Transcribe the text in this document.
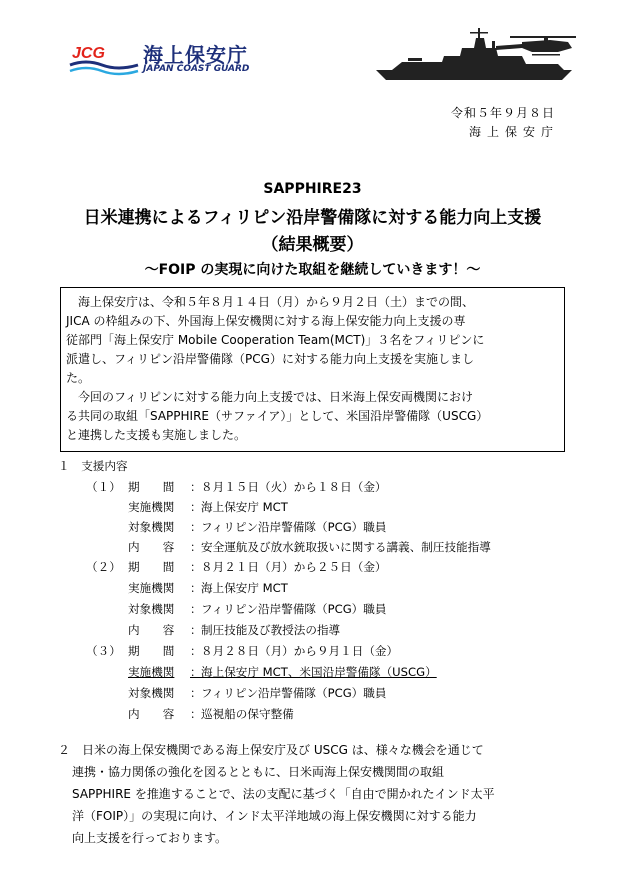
JCG 海上保安庁
JAPAN COAST GUARD
令和５年９月８日
海上保安庁
SAPPHIRE23
日米連携によるフィリピン沿岸警備隊に対する能力向上支援
（結果概要）
～FOIP の実現に向けた取組を継続していきます！～
　海上保安庁は、令和５年８月１４日（月）から９月２日（土）までの間、
JICA の枠組みの下、外国海上保安機関に対する海上保安能力向上支援の専
従部門「海上保安庁 Mobile Cooperation Team(MCT)」３名をフィリピンに
派遣し、フィリピン沿岸警備隊（PCG）に対する能力向上支援を実施しまし
た。
　今回のフィリピンに対する能力向上支援では、日米海上保安両機関におけ
る共同の取組「SAPPHIRE（サファイア）」として、米国沿岸警備隊（USCG）
と連携した支援も実施しました。
１　支援内容
（１） 期　　間 ： ８月１５日（火）から１８日（金）
実施機関 ： 海上保安庁 MCT
対象機関 ： フィリピン沿岸警備隊（PCG）職員
内　　容 ： 安全運航及び放水銃取扱いに関する講義、制圧技能指導
（２） 期　　間 ： ８月２１日（月）から２５日（金）
実施機関 ： 海上保安庁 MCT
対象機関 ： フィリピン沿岸警備隊（PCG）職員
内　　容 ： 制圧技能及び教授法の指導
（３） 期　　間 ： ８月２８日（月）から９月１日（金）
実施機関 ： 海上保安庁 MCT、米国沿岸警備隊（USCG）
対象機関 ： フィリピン沿岸警備隊（PCG）職員
内　　容 ： 巡視船の保守整備
２　日米の海上保安機関である海上保安庁及び USCG は、様々な機会を通じて
連携・協力関係の強化を図るとともに、日米両海上保安機関間の取組
SAPPHIRE を推進することで、法の支配に基づく「自由で開かれたインド太平
洋（FOIP）」の実現に向け、インド太平洋地域の海上保安機関に対する能力
向上支援を行っております。
